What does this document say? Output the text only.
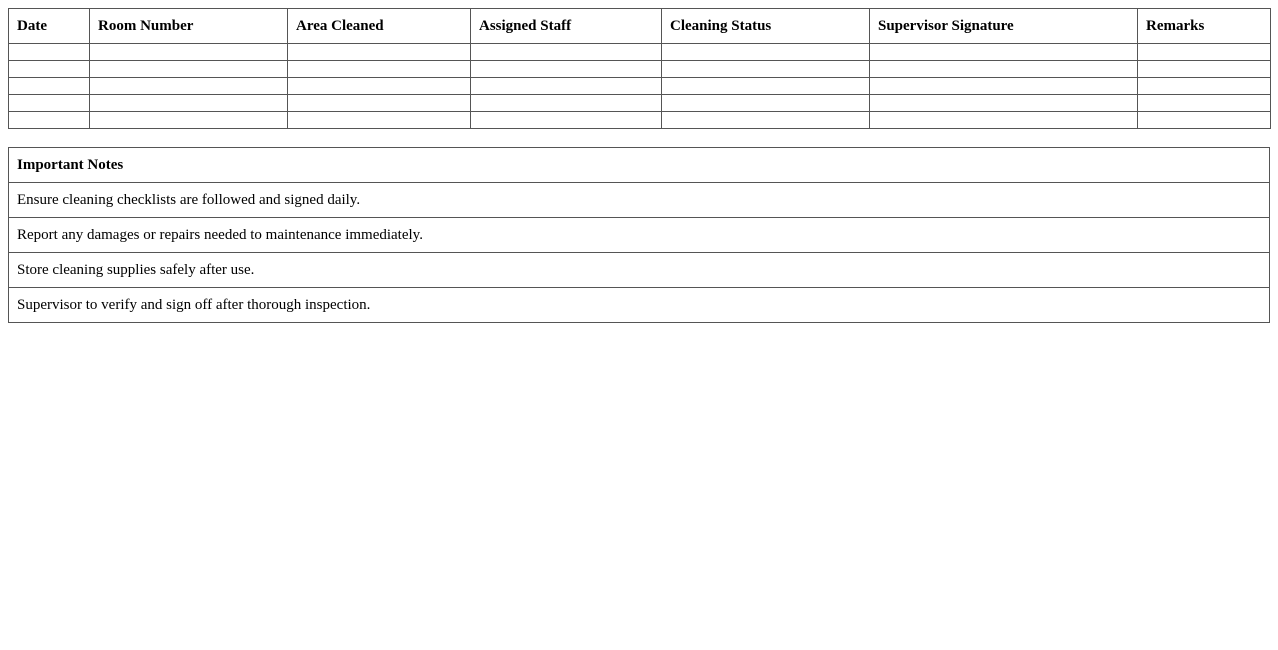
Date	Room Number	Area Cleaned	Assigned Staff	Cleaning Status	Supervisor Signature	Remarks

Important Notes
Ensure cleaning checklists are followed and signed daily.
Report any damages or repairs needed to maintenance immediately.
Store cleaning supplies safely after use.
Supervisor to verify and sign off after thorough inspection.
